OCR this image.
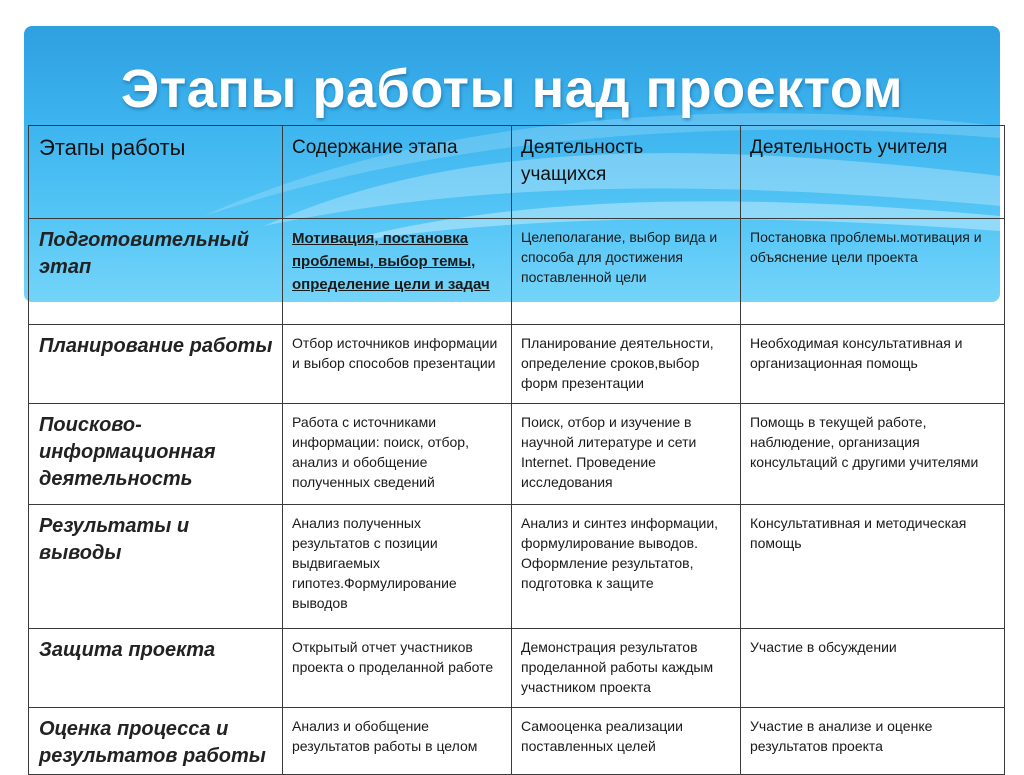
Этапы работы над проектом
Этапы работы	Содержание этапа	Деятельность учащихся	Деятельность учителя
Подготовительный этап	Мотивация, постановка проблемы, выбор темы, определение цели и задач	Целеполагание, выбор вида и способа для достижения поставленной цели	Постановка проблемы.мотивация и объяснение цели проекта
Планирование работы	Отбор источников информации и выбор способов презентации	Планирование деятельности, определение сроков,выбор форм презентации	Необходимая консультативная и организационная помощь
Поисково-информационная деятельность	Работа с источниками информации: поиск, отбор, анализ и обобщение полученных сведений	Поиск, отбор и изучение в научной литературе и сети Internet. Проведение исследования	Помощь в текущей работе, наблюдение, организация консультаций с другими учителями
Результаты и выводы	Анализ полученных результатов с позиции выдвигаемых гипотез.Формулирование выводов	Анализ и синтез информации, формулирование выводов. Оформление результатов, подготовка к защите	Консультативная и методическая помощь
Защита проекта	Открытый отчет участников проекта о проделанной работе	Демонстрация результатов проделанной работы каждым участником проекта	Участие в обсуждении
Оценка процесса и результатов работы	Анализ и обобщение результатов работы в целом	Самооценка реализации поставленных целей	Участие в анализе и оценке результатов проекта
